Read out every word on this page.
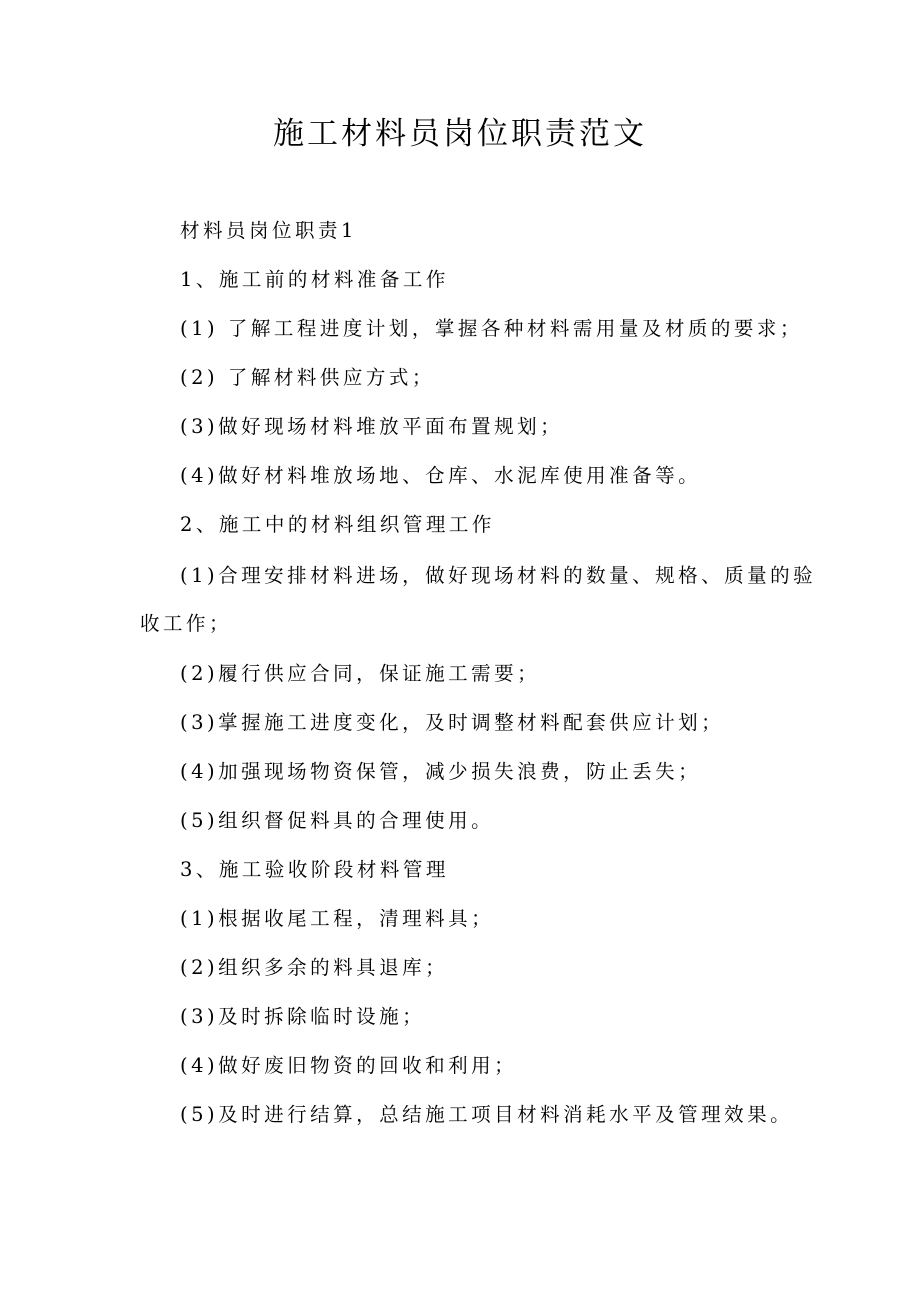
施工材料员岗位职责范文
材料员岗位职责1
1、施工前的材料准备工作
(1) 了解工程进度计划，掌握各种材料需用量及材质的要求；
(2) 了解材料供应方式；
(3)做好现场材料堆放平面布置规划；
(4)做好材料堆放场地、仓库、水泥库使用准备等。
2、施工中的材料组织管理工作
(1)合理安排材料进场，做好现场材料的数量、规格、质量的验
收工作；
(2)履行供应合同，保证施工需要；
(3)掌握施工进度变化，及时调整材料配套供应计划；
(4)加强现场物资保管，减少损失浪费，防止丢失；
(5)组织督促料具的合理使用。
3、施工验收阶段材料管理
(1)根据收尾工程，清理料具；
(2)组织多余的料具退库；
(3)及时拆除临时设施；
(4)做好废旧物资的回收和利用；
(5)及时进行结算，总结施工项目材料消耗水平及管理效果。
